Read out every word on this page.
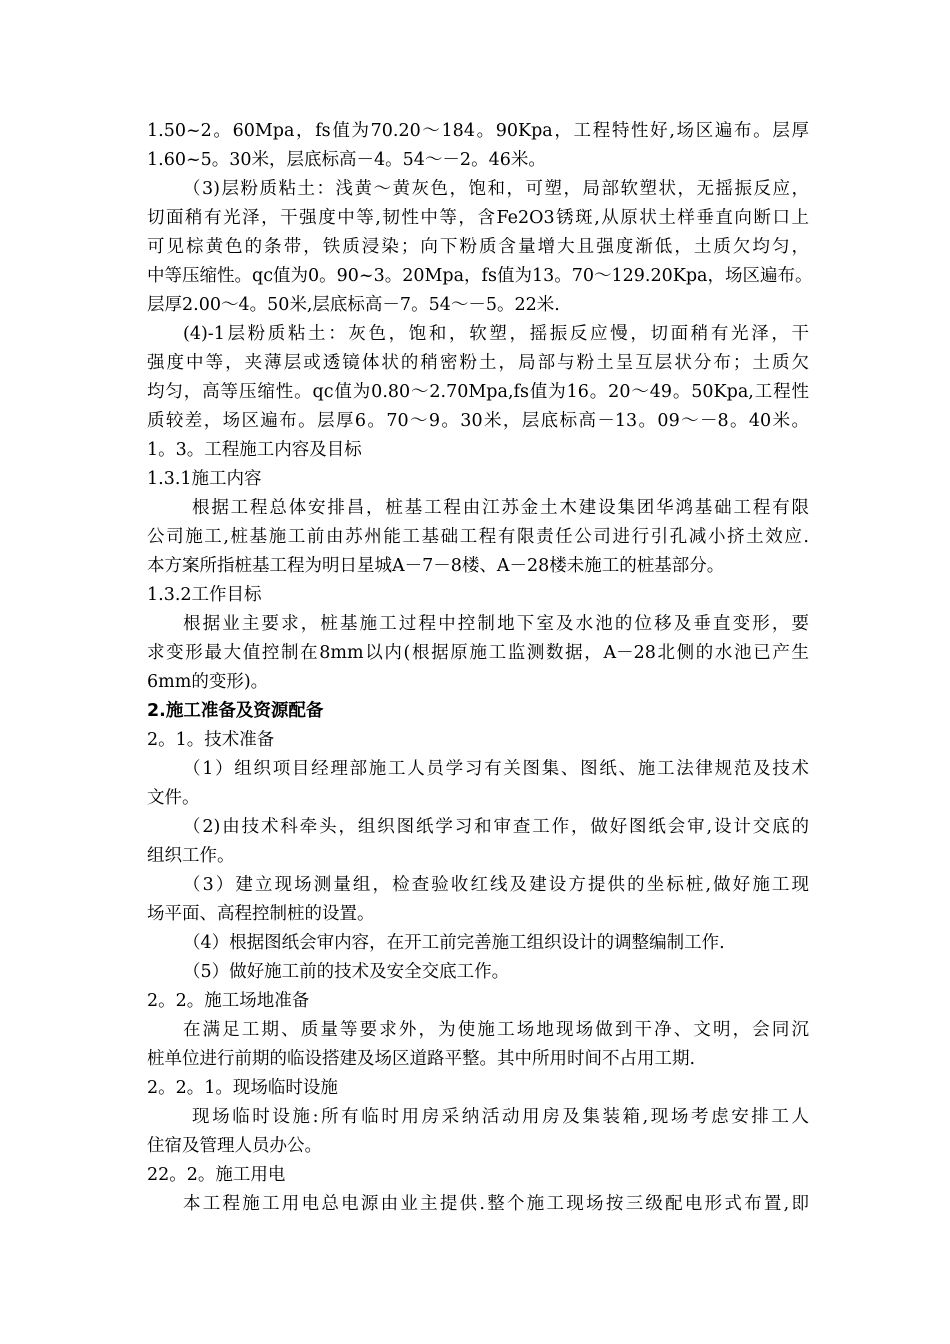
1.50~2。60Mpa，fs值为70.20～184。90Kpa，工程特性好,场区遍布。层厚
1.60~5。30米，层底标高－4。54～－2。46米。
（3)层粉质粘土：浅黄～黄灰色，饱和，可塑，局部软塑状，无摇振反应，
切面稍有光泽，干强度中等,韧性中等，含Fe2O3锈斑,从原状土样垂直向断口上
可见棕黄色的条带，铁质浸染；向下粉质含量增大且强度渐低，土质欠均匀，
中等压缩性。qc值为0。90~3。20Mpa，fs值为13。70～129.20Kpa，场区遍布。
层厚2.00～4。50米,层底标高－7。54～－5。22米.
(4)-1层粉质粘土：灰色，饱和，软塑，摇振反应慢，切面稍有光泽，干
强度中等，夹薄层或透镜体状的稍密粉土，局部与粉土呈互层状分布；土质欠
均匀，高等压缩性。qc值为0.80～2.70Mpa,fs值为16。20～49。50Kpa,工程性
质较差，场区遍布。层厚6。70～9。30米，层底标高－13。09～－8。40米。
1。3。工程施工内容及目标
1.3.1施工内容
根据工程总体安排昌，桩基工程由江苏金土木建设集团华鸿基础工程有限
公司施工,桩基施工前由苏州能工基础工程有限责任公司进行引孔减小挤土效应.
本方案所指桩基工程为明日星城A－7－8楼、A－28楼未施工的桩基部分。
1.3.2工作目标
根据业主要求，桩基施工过程中控制地下室及水池的位移及垂直变形，要
求变形最大值控制在8mm以内(根据原施工监测数据，A－28北侧的水池已产生
6mm的变形)。
2.施工准备及资源配备
2。1。技术准备
（1）组织项目经理部施工人员学习有关图集、图纸、施工法律规范及技术
文件。
（2)由技术科牵头，组织图纸学习和审查工作，做好图纸会审,设计交底的
组织工作。
（3）建立现场测量组，检查验收红线及建设方提供的坐标桩,做好施工现
场平面、高程控制桩的设置。
（4）根据图纸会审内容，在开工前完善施工组织设计的调整编制工作.
（5）做好施工前的技术及安全交底工作。
2。2。施工场地准备
在满足工期、质量等要求外，为使施工场地现场做到干净、文明，会同沉
桩单位进行前期的临设搭建及场区道路平整。其中所用时间不占用工期.
2。2。1。现场临时设施
现场临时设施:所有临时用房采纳活动用房及集装箱,现场考虑安排工人
住宿及管理人员办公。
22。2。施工用电
本工程施工用电总电源由业主提供.整个施工现场按三级配电形式布置,即
